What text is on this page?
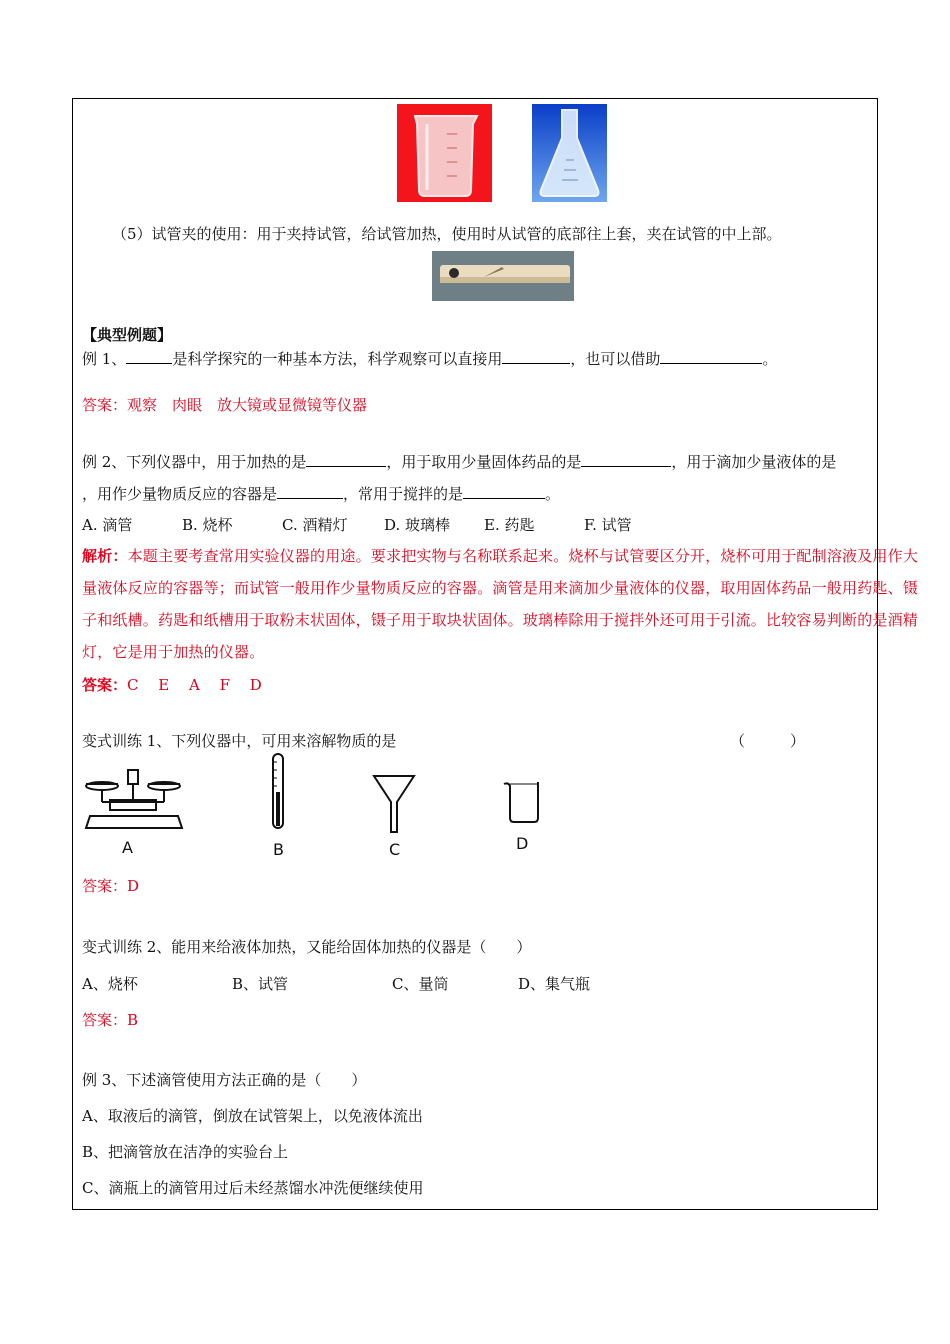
（5）试管夹的使用：用于夹持试管，给试管加热，使用时从试管的底部往上套，夹在试管的中上部。
【典型例题】
例 1、	是科学探究的一种基本方法，科学观察可以直接用	，也可以借助	。
答案：观察　肉眼　放大镜或显微镜等仪器
例 2、下列仪器中，用于加热的是	，用于取用少量固体药品的是	，用于滴加少量液体的是
，用作少量物质反应的容器是	，常用于搅拌的是	。
A. 滴管	B. 烧杯	C. 酒精灯 D. 玻璃棒 E. 药匙	F. 试管
解析：本题主要考查常用实验仪器的用途。要求把实物与名称联系起来。烧杯与试管要区分开，烧杯可用于配制溶液及用作大量液体反应的容器等；而试管一般用作少量物质反应的容器。滴管是用来滴加少量液体的仪器，取用固体药品一般用药匙、镊子和纸槽。药匙和纸槽用于取粉末状固体，镊子用于取块状固体。玻璃棒除用于搅拌外还可用于引流。比较容易判断的是酒精灯，它是用于加热的仪器。
答案：C　 E　 A　 F　 D
变式训练 1、下列仪器中，可用来溶解物质的是	（　　　）
A	B	C	D
答案：D
变式训练 2、能用来给液体加热，又能给固体加热的仪器是（　　）
A、烧杯	B、试管	C、量筒	D、集气瓶
答案：B
例 3、下述滴管使用方法正确的是（　　）
A、取液后的滴管，倒放在试管架上，以免液体流出
B、把滴管放在洁净的实验台上
C、滴瓶上的滴管用过后未经蒸馏水冲洗便继续使用
